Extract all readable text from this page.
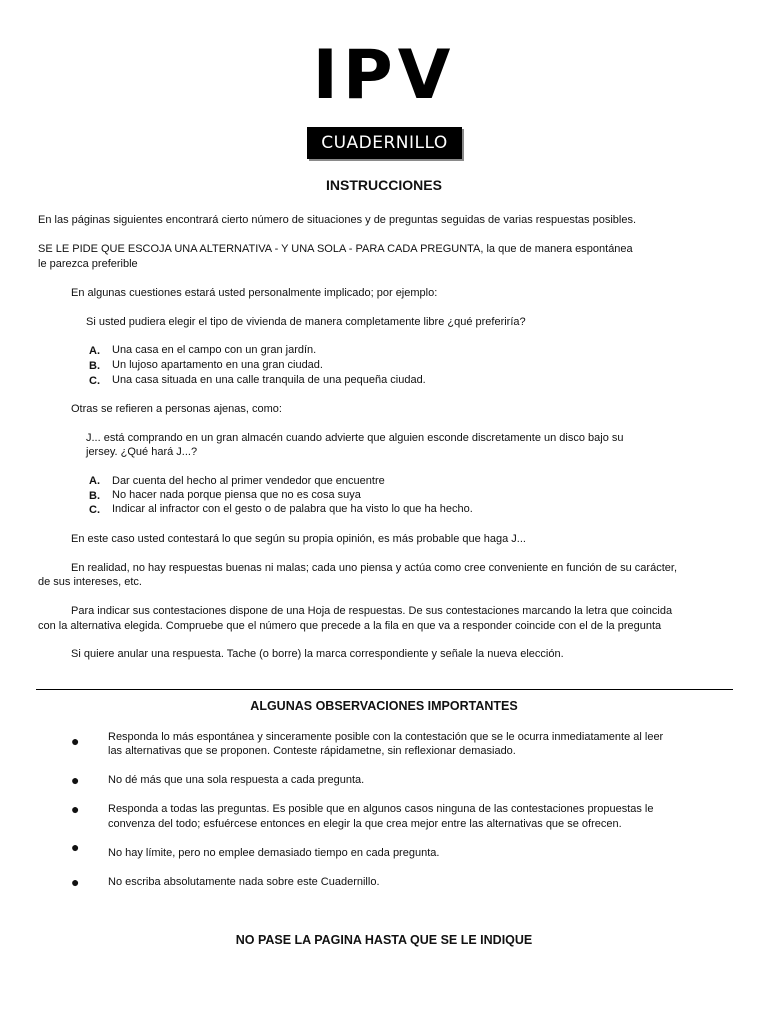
IPV
CUADERNILLO
INSTRUCCIONES
En las páginas siguientes encontrará cierto número de situaciones y de preguntas seguidas de varias respuestas posibles.
SE LE PIDE QUE ESCOJA UNA ALTERNATIVA - Y UNA SOLA - PARA CADA PREGUNTA, la que de manera espontánea
le parezca preferible
En algunas cuestiones estará usted personalmente implicado; por ejemplo:
Si usted pudiera elegir el tipo de vivienda de manera completamente libre ¿qué preferiría?
A. Una casa en el campo con un gran jardín.
B. Un lujoso apartamento en una gran ciudad.
C. Una casa situada en una calle tranquila de una pequeña ciudad.
Otras se refieren a personas ajenas, como:
J... está comprando en un gran almacén cuando advierte que alguien esconde discretamente un disco bajo su
jersey. ¿Qué hará J...?
A. Dar cuenta del hecho al primer vendedor que encuentre
B. No hacer nada porque piensa que no es cosa suya
C. Indicar al infractor con el gesto o de palabra que ha visto lo que ha hecho.
En este caso usted contestará lo que según su propia opinión, es más probable que haga J...
En realidad, no hay respuestas buenas ni malas; cada uno piensa y actúa como cree conveniente en función de su carácter,
de sus intereses, etc.
Para indicar sus contestaciones dispone de una Hoja de respuestas. De sus contestaciones marcando la letra que coincida
con la alternativa elegida. Compruebe que el número que precede a la fila en que va a responder coincide con el de la pregunta
Si quiere anular una respuesta. Tache (o borre) la marca correspondiente y señale la nueva elección.
ALGUNAS OBSERVACIONES IMPORTANTES
●	Responda lo más espontánea y sinceramente posible con la contestación que se le ocurra inmediatamente al leer
las alternativas que se proponen. Conteste rápidametne, sin reflexionar demasiado.
●	No dé más que una sola respuesta a cada pregunta.
●	Responda a todas las preguntas. Es posible que en algunos casos ninguna de las contestaciones propuestas le
convenza del todo; esfuércese entonces en elegir la que crea mejor entre las alternativas que se ofrecen.
●	No hay límite, pero no emplee demasiado tiempo en cada pregunta.
●	No escriba absolutamente nada sobre este Cuadernillo.
NO PASE LA PAGINA HASTA QUE SE LE INDIQUE
